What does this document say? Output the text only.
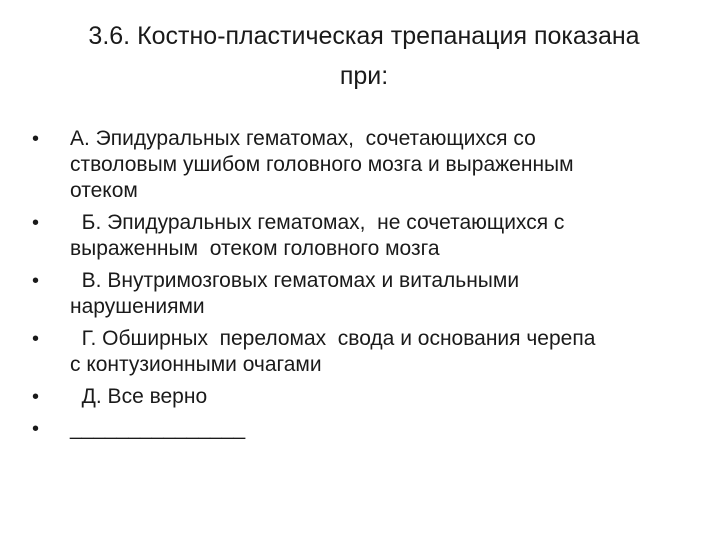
3.6. Костно-пластическая трепанация показана
при:
•	А. Эпидуральных гематомах,  сочетающихся со
стволовым ушибом головного мозга и выраженным
отеком
•	Б. Эпидуральных гематомах,  не сочетающихся с
выраженным  отеком головного мозга
•	В. Внутримозговых гематомах и витальными
нарушениями
•	Г. Обширных  переломах  свода и основания черепа
с контузионными очагами
•	Д. Все верно
•	_______________
